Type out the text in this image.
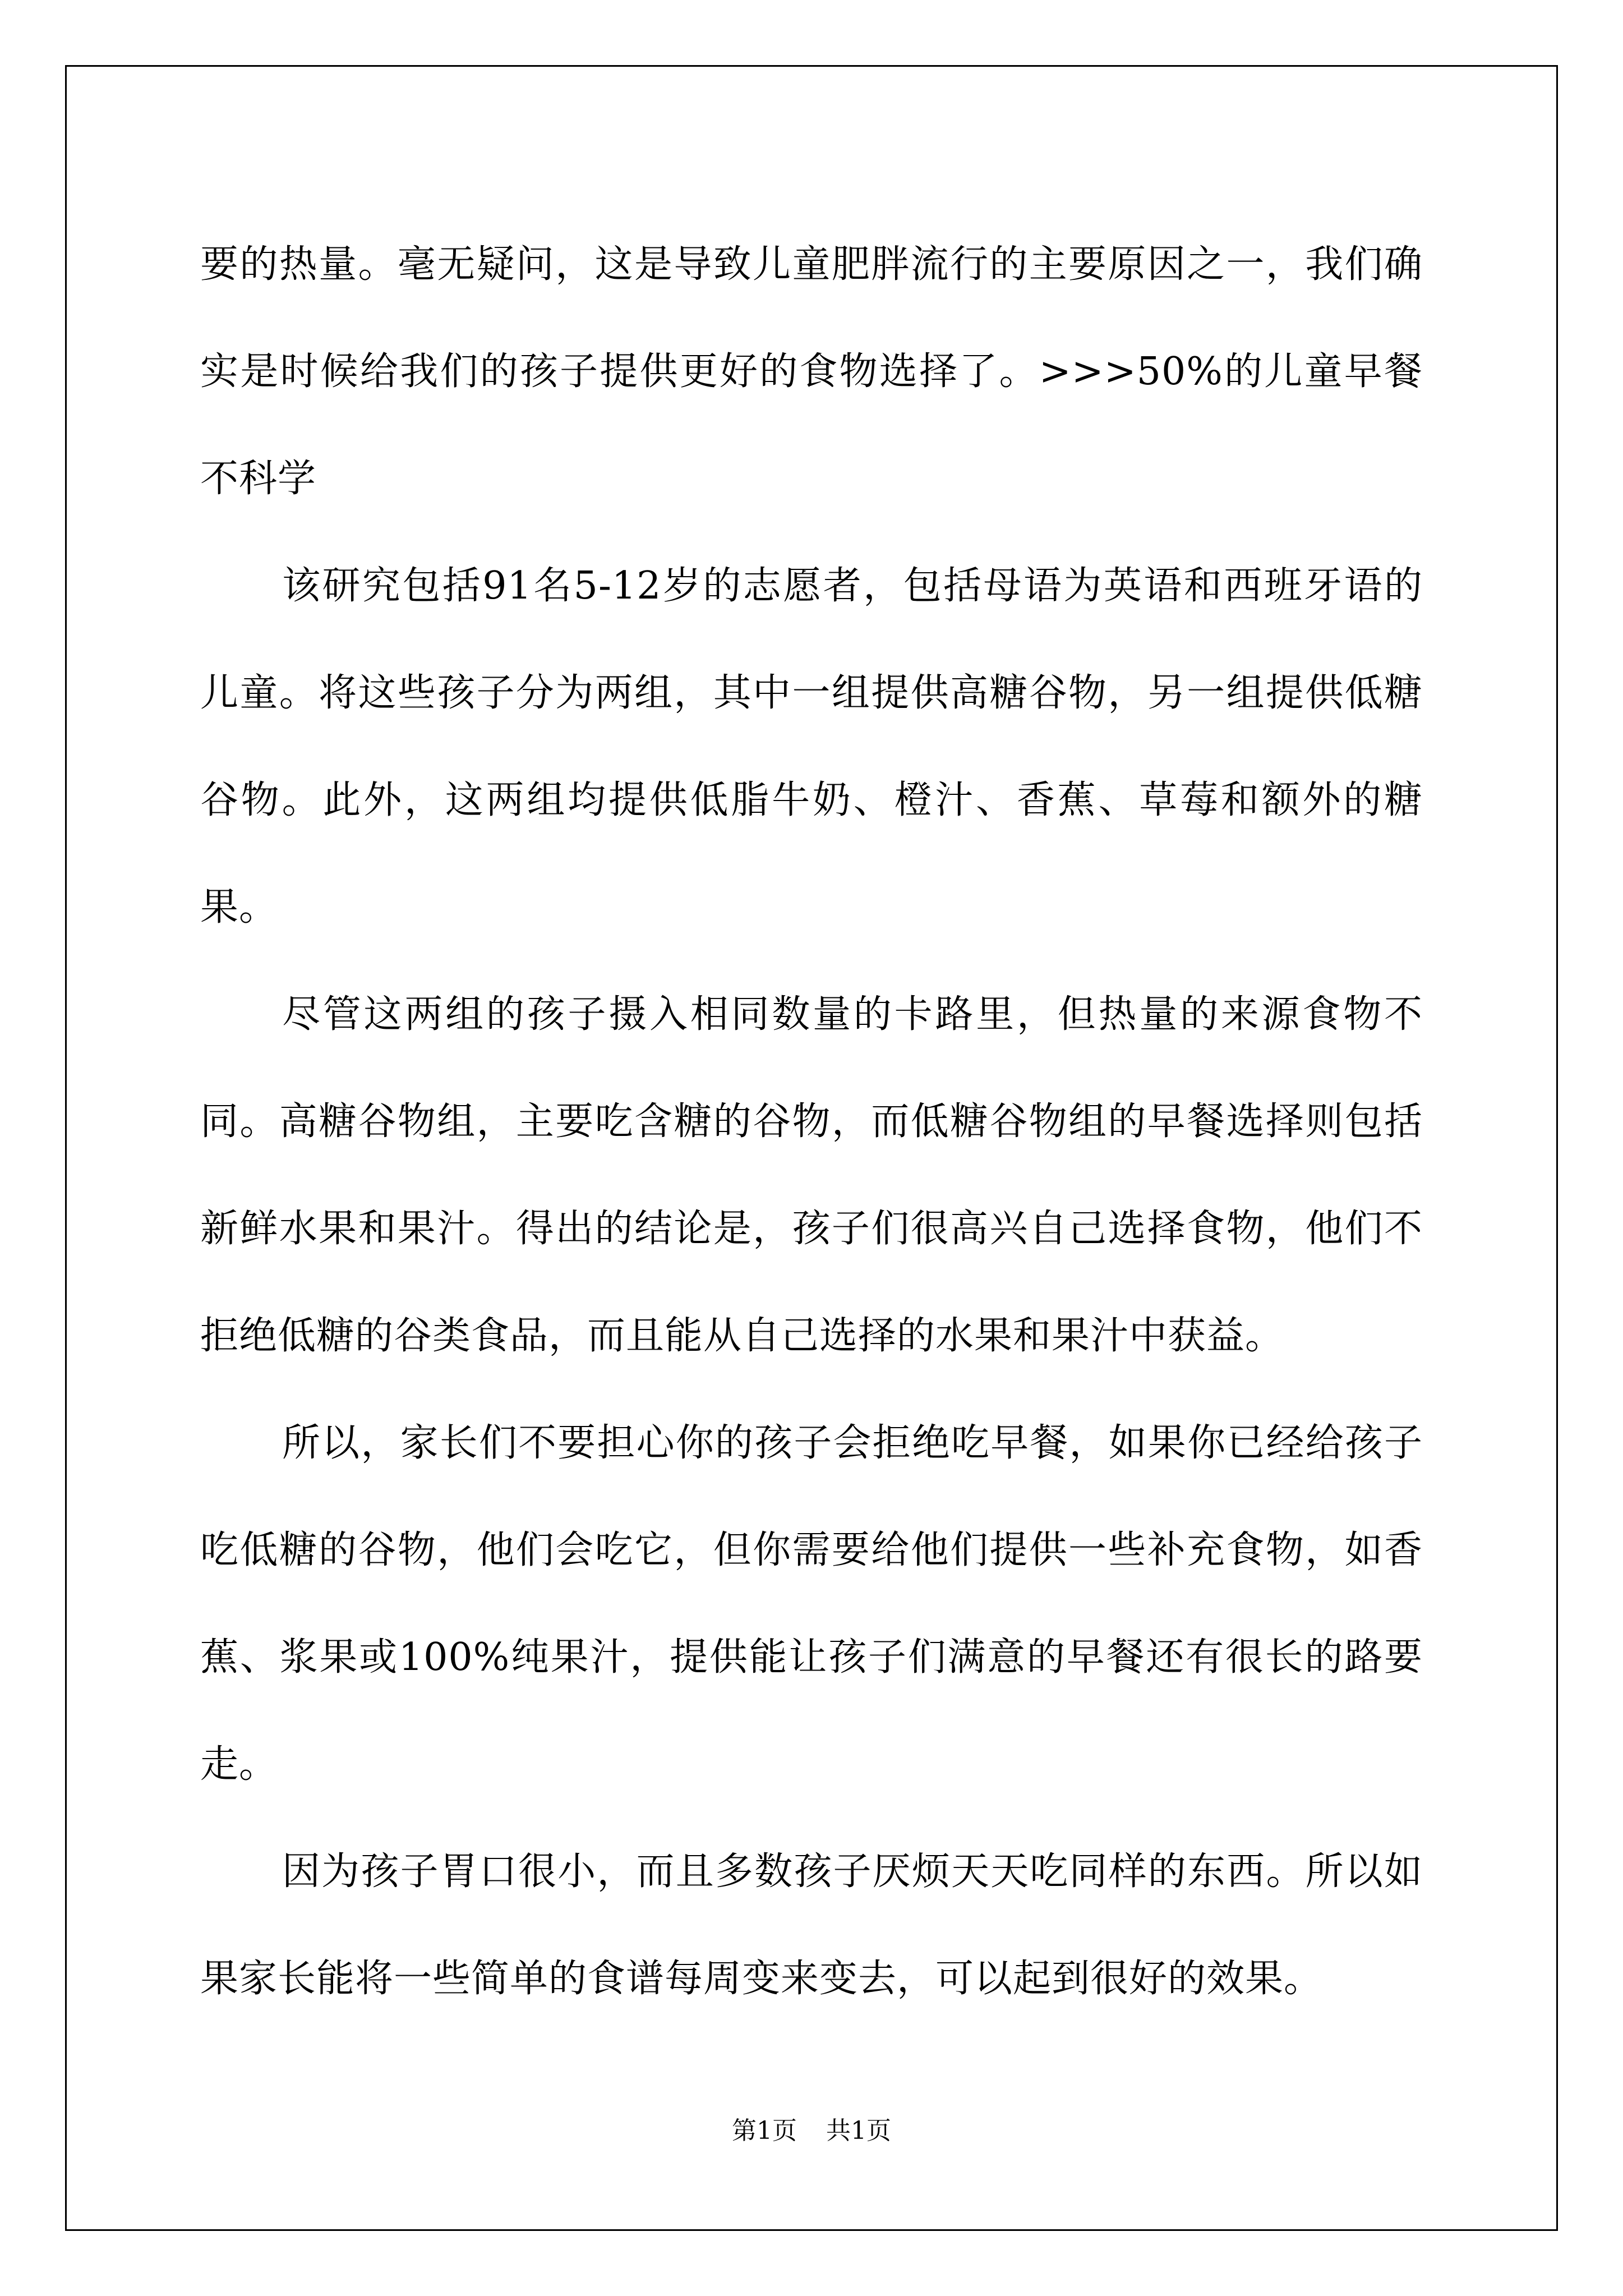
要的热量。毫无疑问，这是导致儿童肥胖流行的主要原因之一，我们确实是时候给我们的孩子提供更好的食物选择了。>>>50%的儿童早餐不科学

该研究包括91名5-12岁的志愿者，包括母语为英语和西班牙语的儿童。将这些孩子分为两组，其中一组提供高糖谷物，另一组提供低糖谷物。此外，这两组均提供低脂牛奶、橙汁、香蕉、草莓和额外的糖果。

尽管这两组的孩子摄入相同数量的卡路里，但热量的来源食物不同。高糖谷物组，主要吃含糖的谷物，而低糖谷物组的早餐选择则包括新鲜水果和果汁。得出的结论是，孩子们很高兴自己选择食物，他们不拒绝低糖的谷类食品，而且能从自己选择的水果和果汁中获益。

所以，家长们不要担心你的孩子会拒绝吃早餐，如果你已经给孩子吃低糖的谷物，他们会吃它，但你需要给他们提供一些补充食物，如香蕉、浆果或100%纯果汁，提供能让孩子们满意的早餐还有很长的路要走。

因为孩子胃口很小，而且多数孩子厌烦天天吃同样的东西。所以如果家长能将一些简单的食谱每周变来变去，可以起到很好的效果。

第1页 共1页
